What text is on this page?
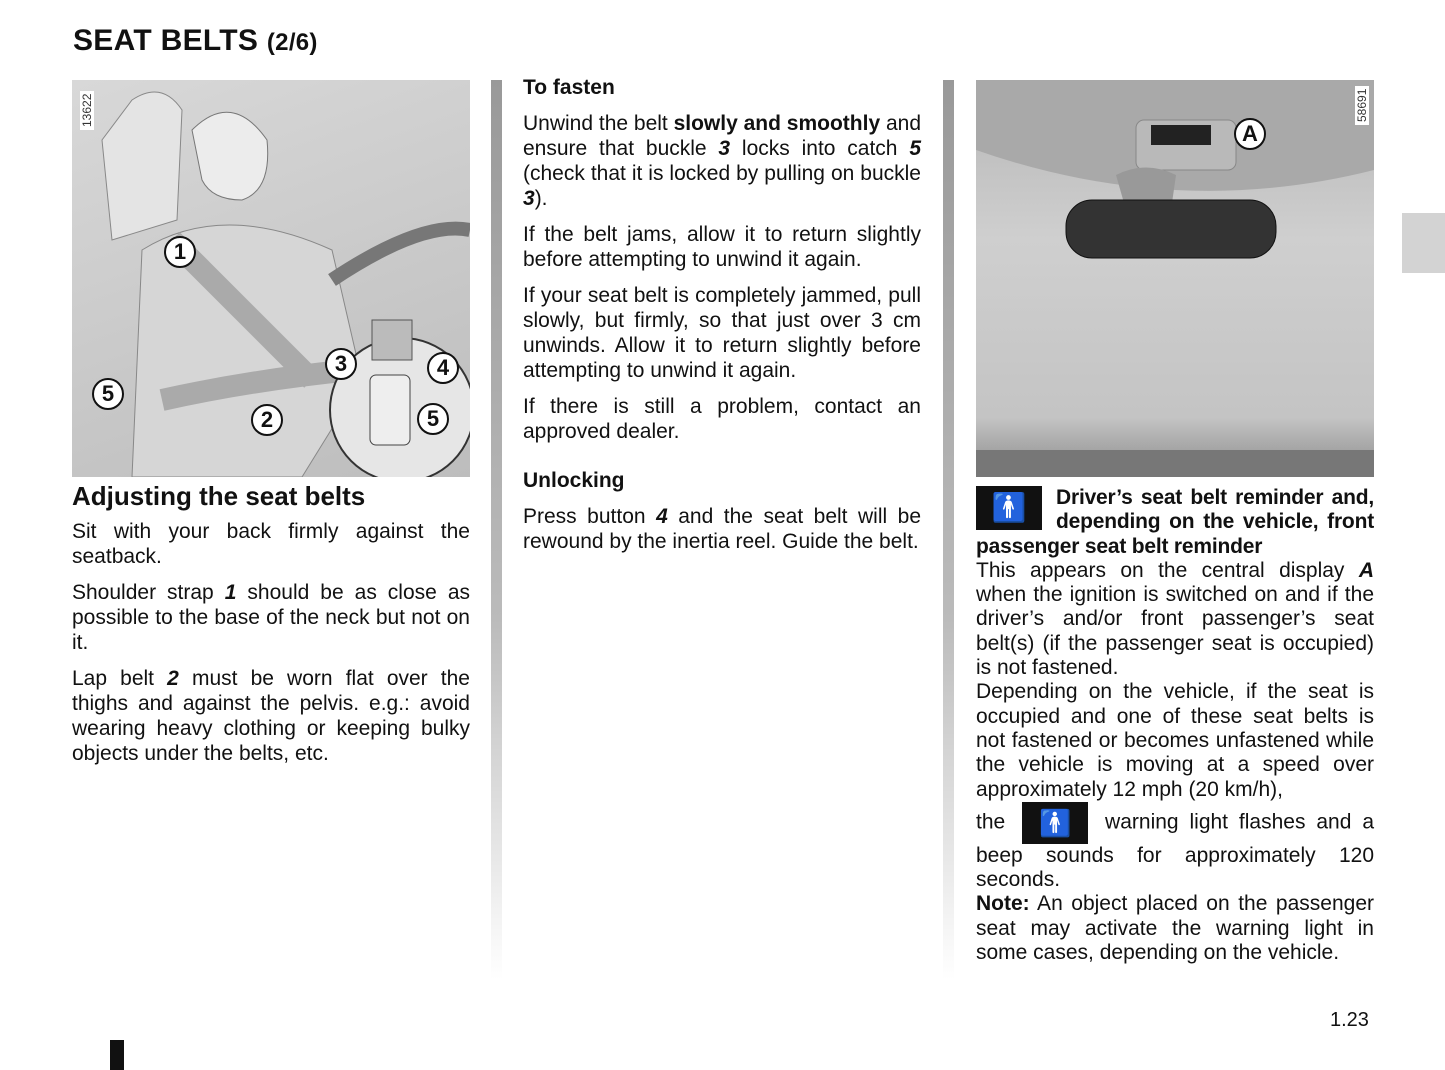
SEAT BELTS (2/6)
1
2
3	4
5
5
13622
A
58691
Adjusting the seat belts

Sit with your back firmly against the seatback.

Shoulder strap 1 should be as close as possible to the base of the neck but not on it.

Lap belt 2 must be worn flat over the thighs and against the pelvis. e.g.: avoid wearing heavy clothing or keeping bulky objects under the belts, etc.

To fasten

Unwind the belt slowly and smoothly and ensure that buckle 3 locks into catch 5 (check that it is locked by pulling on buckle 3).

If the belt jams, allow it to return slightly before attempting to unwind it again.

If your seat belt is completely jammed, pull slowly, but firmly, so that just over 3 cm unwinds. Allow it to return slightly before attempting to unwind it again.

If there is still a problem, contact an approved dealer.

Unlocking

Press button 4 and the seat belt will be rewound by the inertia reel. Guide the belt.

🚹	Driver’s seat belt reminder and, depending on the vehicle, front passenger seat belt reminder

This appears on the central display A when the ignition is switched on and if the driver’s and/or front passenger’s seat belt(s) (if the passenger seat is occupied) is not fastened.

Depending on the vehicle, if the seat is occupied and one of these seat belts is not fastened or becomes unfastened while the vehicle is moving at a speed over approximately 12 mph (20 km/h),

the 🚹 warning light flashes and a beep sounds for approximately 120 seconds.

Note: An object placed on the passenger seat may activate the warning light in some cases, depending on the vehicle.

1.23
